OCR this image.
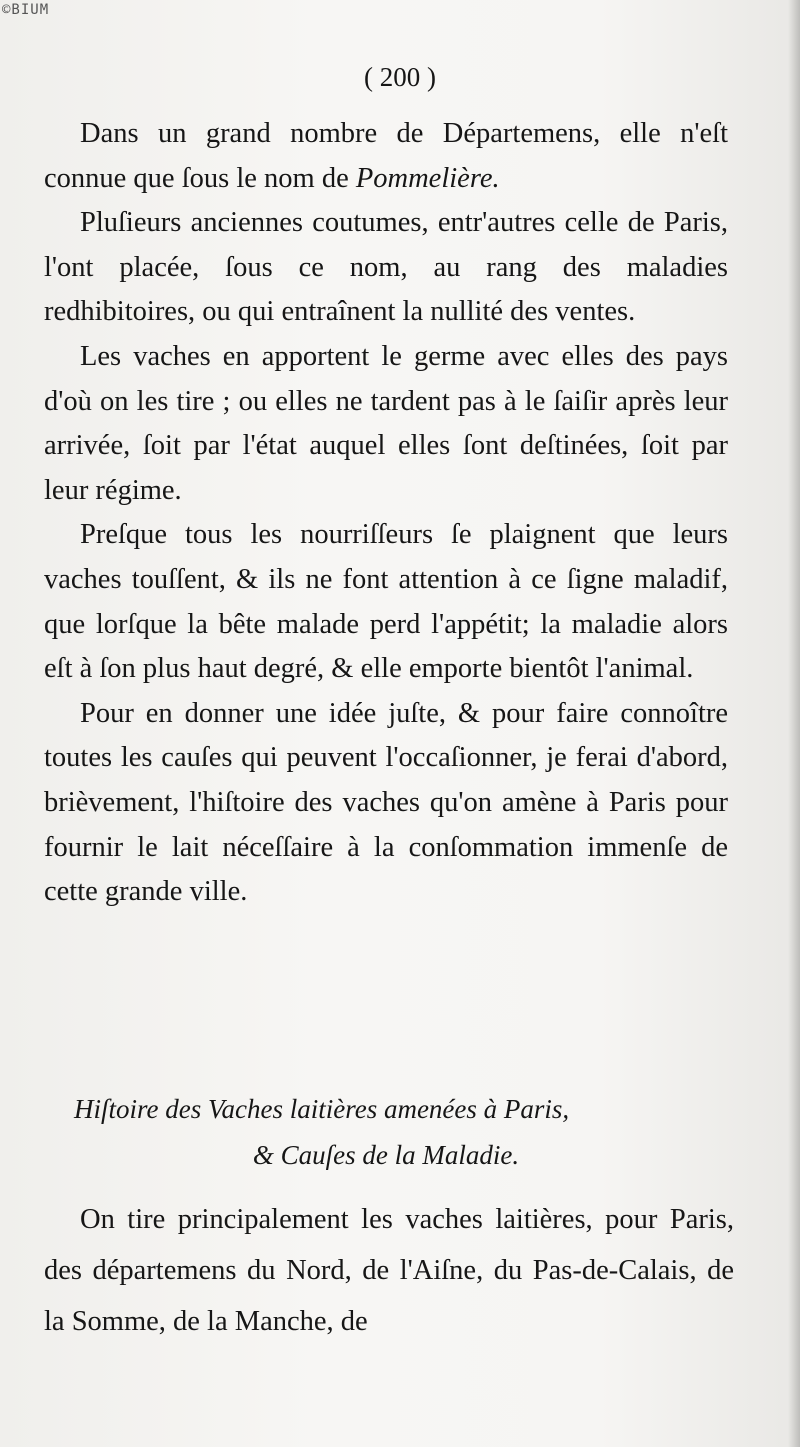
©BIUM
( 200 )

Dans un grand nombre de Départemens, elle n'eſt connue que ſous le nom de Pommelière.

Pluſieurs anciennes coutumes, entr'autres celle de Paris, l'ont placée, ſous ce nom, au rang des maladies redhibitoires, ou qui entraînent la nullité des ventes.

Les vaches en apportent le germe avec elles des pays d'où on les tire ; ou elles ne tardent pas à le ſaiſir après leur arrivée, ſoit par l'état auquel elles ſont deſtinées, ſoit par leur régime.

Preſque tous les nourriſſeurs ſe plaignent que leurs vaches touſſent, & ils ne font attention à ce ſigne maladif, que lorſque la bête malade perd l'appétit; la maladie alors eſt à ſon plus haut degré, & elle emporte bientôt l'animal.

Pour en donner une idée juſte, & pour faire connoître toutes les cauſes qui peuvent l'occaſionner, je ferai d'abord, brièvement, l'hiſtoire des vaches qu'on amène à Paris pour fournir le lait néceſſaire à la conſommation immenſe de cette grande ville.

Hiſtoire des Vaches laitières amenées à Paris,
& Cauſes de la Maladie.

On tire principalement les vaches laitières, pour Paris, des départemens du Nord, de l'Aiſne, du Pas-de-Calais, de la Somme, de la Manche, de
